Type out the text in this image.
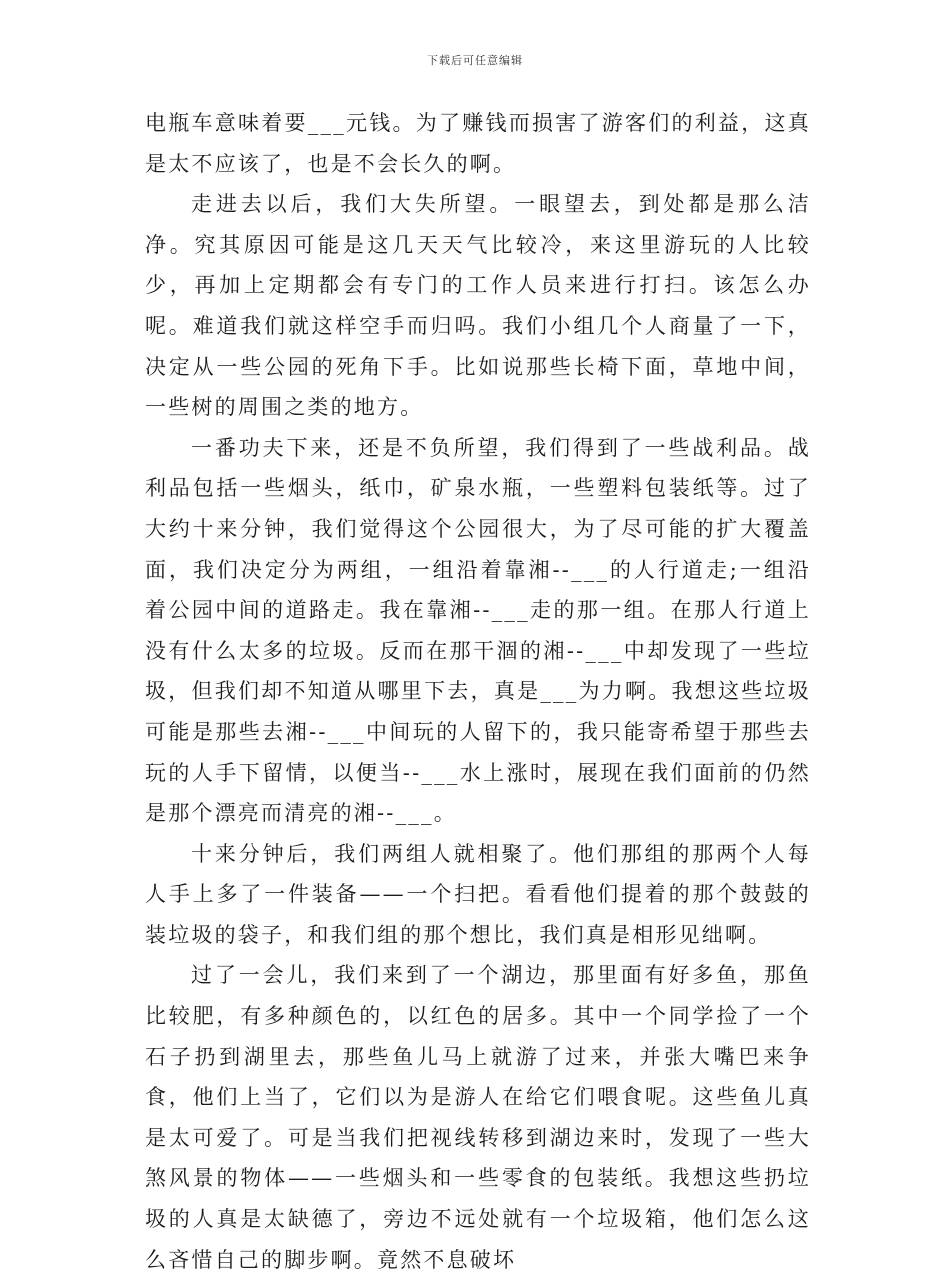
下载后可任意编辑

电瓶车意味着要___元钱。为了赚钱而损害了游客们的利益，这真是太不应该了，也是不会长久的啊。

走进去以后，我们大失所望。一眼望去，到处都是那么洁净。究其原因可能是这几天天气比较冷，来这里游玩的人比较少，再加上定期都会有专门的工作人员来进行打扫。该怎么办呢。难道我们就这样空手而归吗。我们小组几个人商量了一下，决定从一些公园的死角下手。比如说那些长椅下面，草地中间，一些树的周围之类的地方。

一番功夫下来，还是不负所望，我们得到了一些战利品。战利品包括一些烟头，纸巾，矿泉水瓶，一些塑料包装纸等。过了大约十来分钟，我们觉得这个公园很大，为了尽可能的扩大覆盖面，我们决定分为两组，一组沿着靠湘--___的人行道走;一组沿着公园中间的道路走。我在靠湘--___走的那一组。在那人行道上没有什么太多的垃圾。反而在那干涸的湘--___中却发现了一些垃圾，但我们却不知道从哪里下去，真是___为力啊。我想这些垃圾可能是那些去湘--___中间玩的人留下的，我只能寄希望于那些去玩的人手下留情，以便当--___水上涨时，展现在我们面前的仍然是那个漂亮而清亮的湘--___。

十来分钟后，我们两组人就相聚了。他们那组的那两个人每人手上多了一件装备——一个扫把。看看他们提着的那个鼓鼓的装垃圾的袋子，和我们组的那个想比，我们真是相形见绌啊。

过了一会儿，我们来到了一个湖边，那里面有好多鱼，那鱼比较肥，有多种颜色的，以红色的居多。其中一个同学捡了一个石子扔到湖里去，那些鱼儿马上就游了过来，并张大嘴巴来争食，他们上当了，它们以为是游人在给它们喂食呢。这些鱼儿真是太可爱了。可是当我们把视线转移到湖边来时，发现了一些大煞风景的物体——一些烟头和一些零食的包装纸。我想这些扔垃圾的人真是太缺德了，旁边不远处就有一个垃圾箱，他们怎么这么吝惜自己的脚步啊。竟然不息破坏
